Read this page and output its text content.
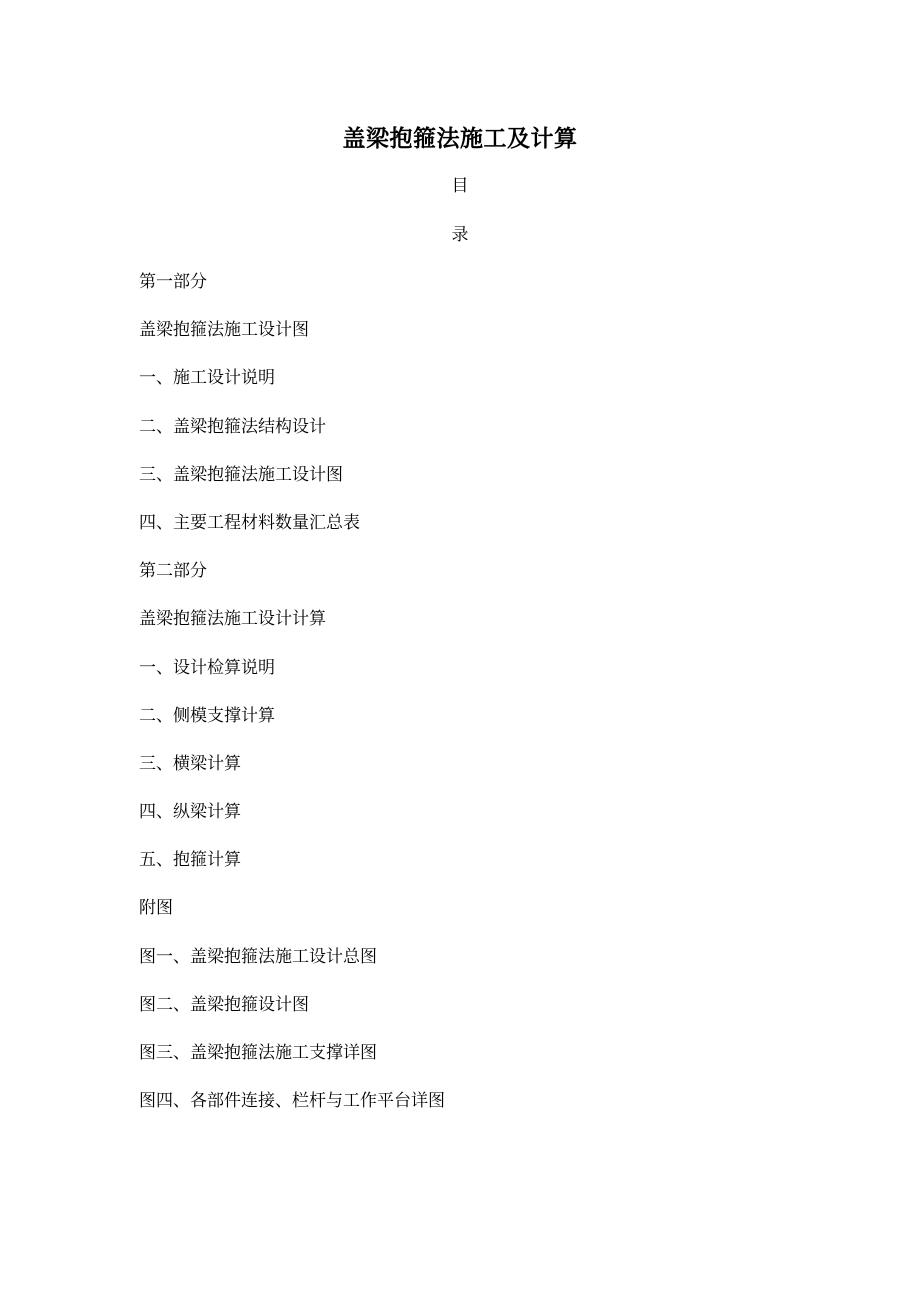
盖梁抱箍法施工及计算
目
录
第一部分
盖梁抱箍法施工设计图
一、施工设计说明
二、盖梁抱箍法结构设计
三、盖梁抱箍法施工设计图
四、主要工程材料数量汇总表
第二部分
盖梁抱箍法施工设计计算
一、设计检算说明
二、侧模支撑计算
三、横梁计算
四、纵梁计算
五、抱箍计算
附图
图一、盖梁抱箍法施工设计总图
图二、盖梁抱箍设计图
图三、盖梁抱箍法施工支撑详图
图四、各部件连接、栏杆与工作平台详图
